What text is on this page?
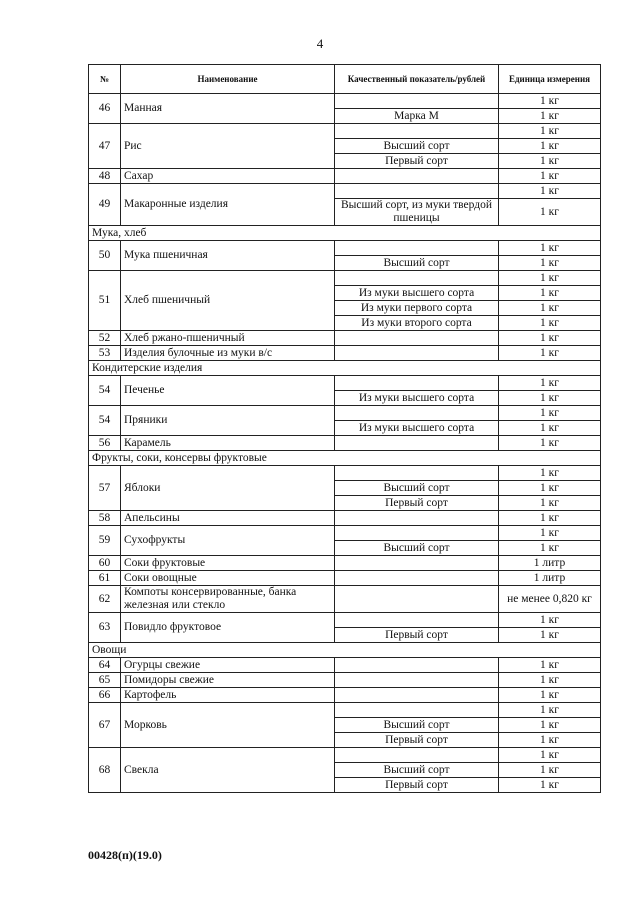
4
№	Наименование	Качественный показатель/рублей	Единица измерения
46	Манная		1 кг
		Марка М	1 кг
47	Рис		1 кг
		Высший сорт	1 кг
		Первый сорт	1 кг
48	Сахар		1 кг
49	Макаронные изделия		1 кг
		Высший сорт, из муки твердой пшеницы	1 кг
Мука, хлеб			
50	Мука пшеничная		1 кг
		Высший сорт	1 кг
51	Хлеб пшеничный		1 кг
		Из муки высшего сорта	1 кг
		Из муки первого сорта	1 кг
		Из муки второго сорта	1 кг
52	Хлеб ржано-пшеничный		1 кг
53	Изделия булочные из муки в/с		1 кг
Кондитерские изделия			
54	Печенье		1 кг
		Из муки высшего сорта	1 кг
54	Пряники		1 кг
		Из муки высшего сорта	1 кг
56	Карамель		1 кг
Фрукты, соки, консервы фруктовые			
57	Яблоки		1 кг
		Высший сорт	1 кг
		Первый сорт	1 кг
58	Апельсины		1 кг
59	Сухофрукты		1 кг
		Высший сорт	1 кг
60	Соки фруктовые		1 литр
61	Соки овощные		1 литр
62	Компоты консервированные, банка железная или стекло		не менее 0,820 кг
63	Повидло фруктовое		1 кг
		Первый сорт	1 кг
Овощи			
64	Огурцы свежие		1 кг
65	Помидоры свежие		1 кг
66	Картофель		1 кг
67	Морковь		1 кг
		Высший сорт	1 кг
		Первый сорт	1 кг
68	Свекла		1 кг
		Высший сорт	1 кг
		Первый сорт	1 кг
00428(п)(19.0)
